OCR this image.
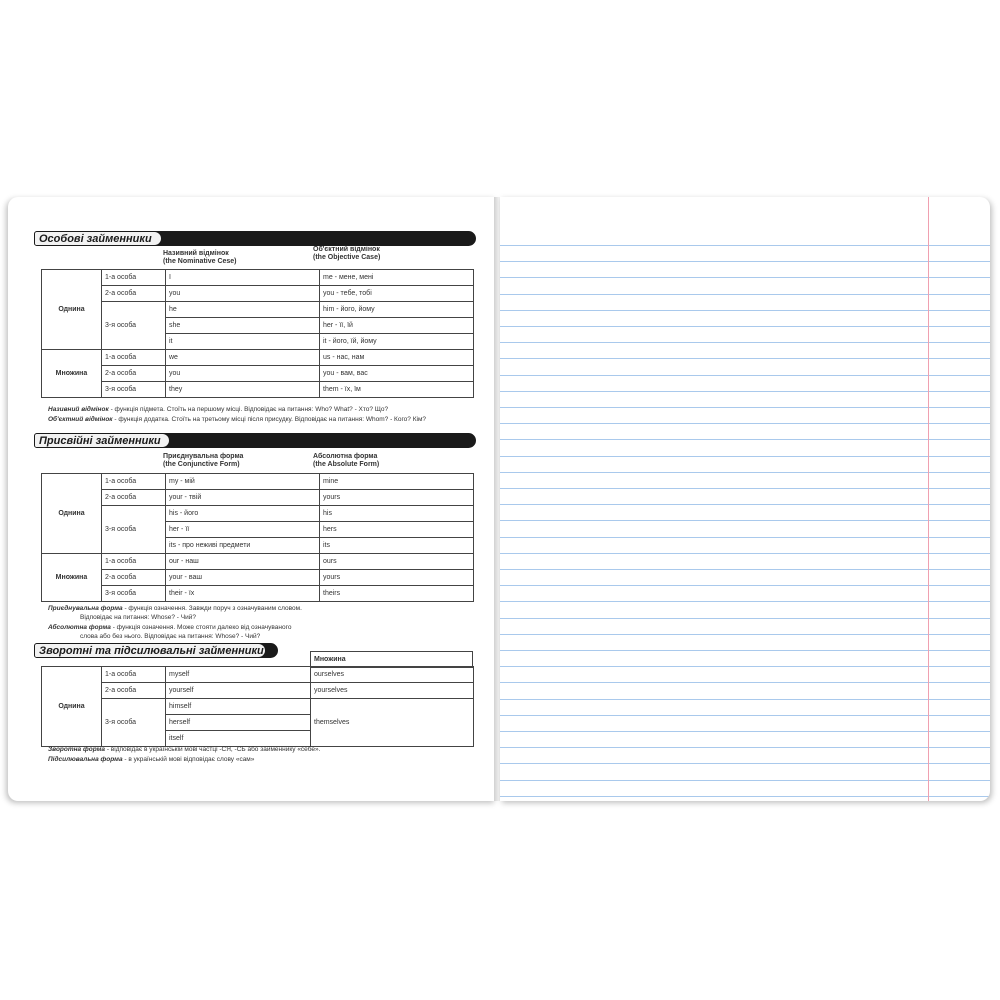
Особові займенники
Називний відмінок
(the Nominative Cese)
Об'єктний відмінок
(the Objective Case)
Однина	1-а особа	I	me - мене, мені
	2-а особа	you	you - тебе, тобі
	3-я особа	he	him - його, йому
		she	her - її, їй
		it	it - його, їй, йому
Множина	1-а особа	we	us - нас, нам
	2-а особа	you	you - вам, вас
	3-я особа	they	them - їх, їм
Називний відмінок - функція підмета. Стоїть на першому місці. Відповідає на питання: Who? What? - Хто? Що?
Об'єктний відмінок - функція додатка. Стоїть на третьому місці після присудку. Відповідає на питання: Whom? - Кого? Кім?
Присвійні займенники
Приєднувальна форма
(the Conjunctive Form)
Абсолютна форма
(the Absolute Form)
Однина	1-а особа	my - мій	mine
	2-а особа	your - твій	yours
	3-я особа	his - його	his
		her - її	hers
		its - про неживі предмети	its
Множина	1-а особа	our - наш	ours
	2-а особа	your - ваш	yours
	3-я особа	their - їх	theirs
Приєднувальна форма - функція означення. Завжди поруч з означуваним словом.
Відповідає на питання: Whose? - Чий?
Абсолютна форма - функція означення. Може стояти далеко від означуваного
слова або без нього. Відповідає на питання: Whose? - Чий?
Зворотні та підсилювальні займенники
Множина
Однина	1-а особа	myself	ourselves
	2-а особа	yourself	yourselves
	3-я особа	himself	themselves
		herself	
		itself	
Зворотна форма - відповідає в українській мові частці -СЯ, -СЬ або займеннику «себе».
Підсилювальна форма - в українській мові відповідає слову «сам»
